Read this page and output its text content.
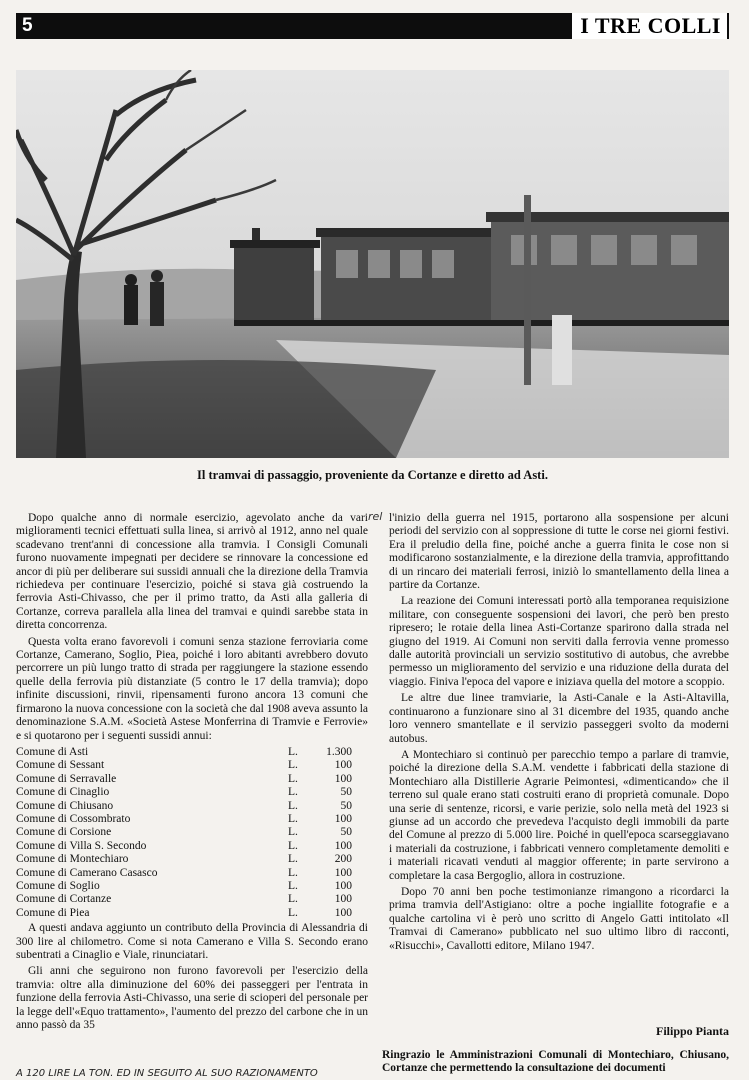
5	I TRE COLLI
Il tramvai di passaggio, proveniente da Cortanze e diretto ad Asti.

Dopo qualche anno di normale esercizio, agevolato anche da vari miglioramenti tecnici effettuati sulla linea, si arrivò al 1912, anno nel quale scadevano trent'anni di concessione alla tramvia. I Consigli Comunali furono nuovamente impegnati per decidere se rinnovare la concessione ed ancor di più per deliberare sui sussidi annuali che la direzione della Tramvia richiedeva per continuare l'esercizio, poiché si stava già costruendo la ferrovia Asti-Chivasso, che per il primo tratto, da Asti alla galleria di Cortanze, correva parallela alla linea del tramvai e quindi sarebbe stata in diretta concorrenza.

Questa volta erano favorevoli i comuni senza stazione ferroviaria come Cortanze, Camerano, Soglio, Piea, poiché i loro abitanti avrebbero dovuto percorrere un più lungo tratto di strada per raggiungere la stazione essendo quelle della ferrovia più distanziate (5 contro le 17 della tramvia); dopo infinite discussioni, rinvii, ripensamenti furono ancora 13 comuni che firmarono la nuova concessione con la società che dal 1908 aveva assunto la denominazione S.A.M. «Società Astese Monferrina di Tramvie e Ferrovie» e si quotarono per i seguenti sussidi annui:

Comune di Asti	L.	1.300
Comune di Sessant	L.	100
Comune di Serravalle	L.	100
Comune di Cinaglio	L.	50
Comune di Chiusano	L.	50
Comune di Cossombrato	L.	100
Comune di Corsione	L.	50
Comune di Villa S. Secondo	L.	100
Comune di Montechiaro	L.	200
Comune di Camerano Casasco	L.	100
Comune di Soglio	L.	100
Comune di Cortanze	L.	100
Comune di Piea	L.	100

A questi andava aggiunto un contributo della Provincia di Alessandria di 300 lire al chilometro. Come si nota Camerano e Villa S. Secondo erano subentrati a Cinaglio e Viale, rinunciatari.

Gli anni che seguirono non furono favorevoli per l'esercizio della tramvia: oltre alla diminuzione del 60% dei passeggeri per l'entrata in funzione della ferrovia Asti-Chivasso, una serie di scioperi del personale per la legge dell'«Equo trattamento», l'aumento del prezzo del carbone che in un anno passò da 35

l'inizio della guerra nel 1915, portarono alla sospensione per alcuni periodi del servizio con al soppressione di tutte le corse nei giorni festivi. Era il preludio della fine, poiché anche a guerra finita le cose non si modificarono sostanzialmente, e la direzione della tramvia, approfittando di un rincaro dei materiali ferrosi, iniziò lo smantellamento della linea a partire da Cortanze.

La reazione dei Comuni interessati portò alla temporanea requisizione militare, con conseguente sospensioni dei lavori, che però ben presto ripresero; le rotaie della linea Asti-Cortanze sparirono dalla strada nel giugno del 1919. Ai Comuni non serviti dalla ferrovia venne promesso dalle autorità provinciali un servizio sostitutivo di autobus, che avrebbe permesso un miglioramento del servizio e una riduzione della durata del viaggio. Finiva l'epoca del vapore e iniziava quella del motore a scoppio.

Le altre due linee tramviarie, la Asti-Canale e la Asti-Altavilla, continuarono a funzionare sino al 31 dicembre del 1935, quando anche loro vennero smantellate e il servizio passeggeri svolto da moderni autobus.

A Montechiaro si continuò per parecchio tempo a parlare di tramvie, poiché la direzione della S.A.M. vendette i fabbricati della stazione di Montechiaro alla Distillerie Agrarie Peimontesi, «dimenticando» che il terreno sul quale erano stati costruiti erano di proprietà comunale. Dopo una serie di sentenze, ricorsi, e varie perizie, solo nella metà del 1923 si giunse ad un accordo che prevedeva l'acquisto degli immobili da parte del Comune al prezzo di 5.000 lire. Poiché in quell'epoca scarseggiavano i materiali da costruzione, i fabbricati vennero completamente demoliti e i materiali ricavati venduti al maggior offerente; in parte servirono a completare la casa Bergoglio, allora in costruzione.

Dopo 70 anni ben poche testimonianze rimangono a ricordarci la prima tramvia dell'Astigiano: oltre a poche ingiallite fotografie e a qualche cartolina vi è però uno scritto di Angelo Gatti intitolato «Il Tramvai di Camerano» pubblicato nel suo ultimo libro di racconti, «Risucchi», Cavallotti editore, Milano 1947.

rel
Filippo Pianta
Ringrazio le Amministrazioni Comunali di Montechiaro, Chiusano, Cortanze che permettendo la consultazione dei documenti
A 120 LIRE LA TON. ED IN SEGUITO AL SUO RAZIONAMENTO
